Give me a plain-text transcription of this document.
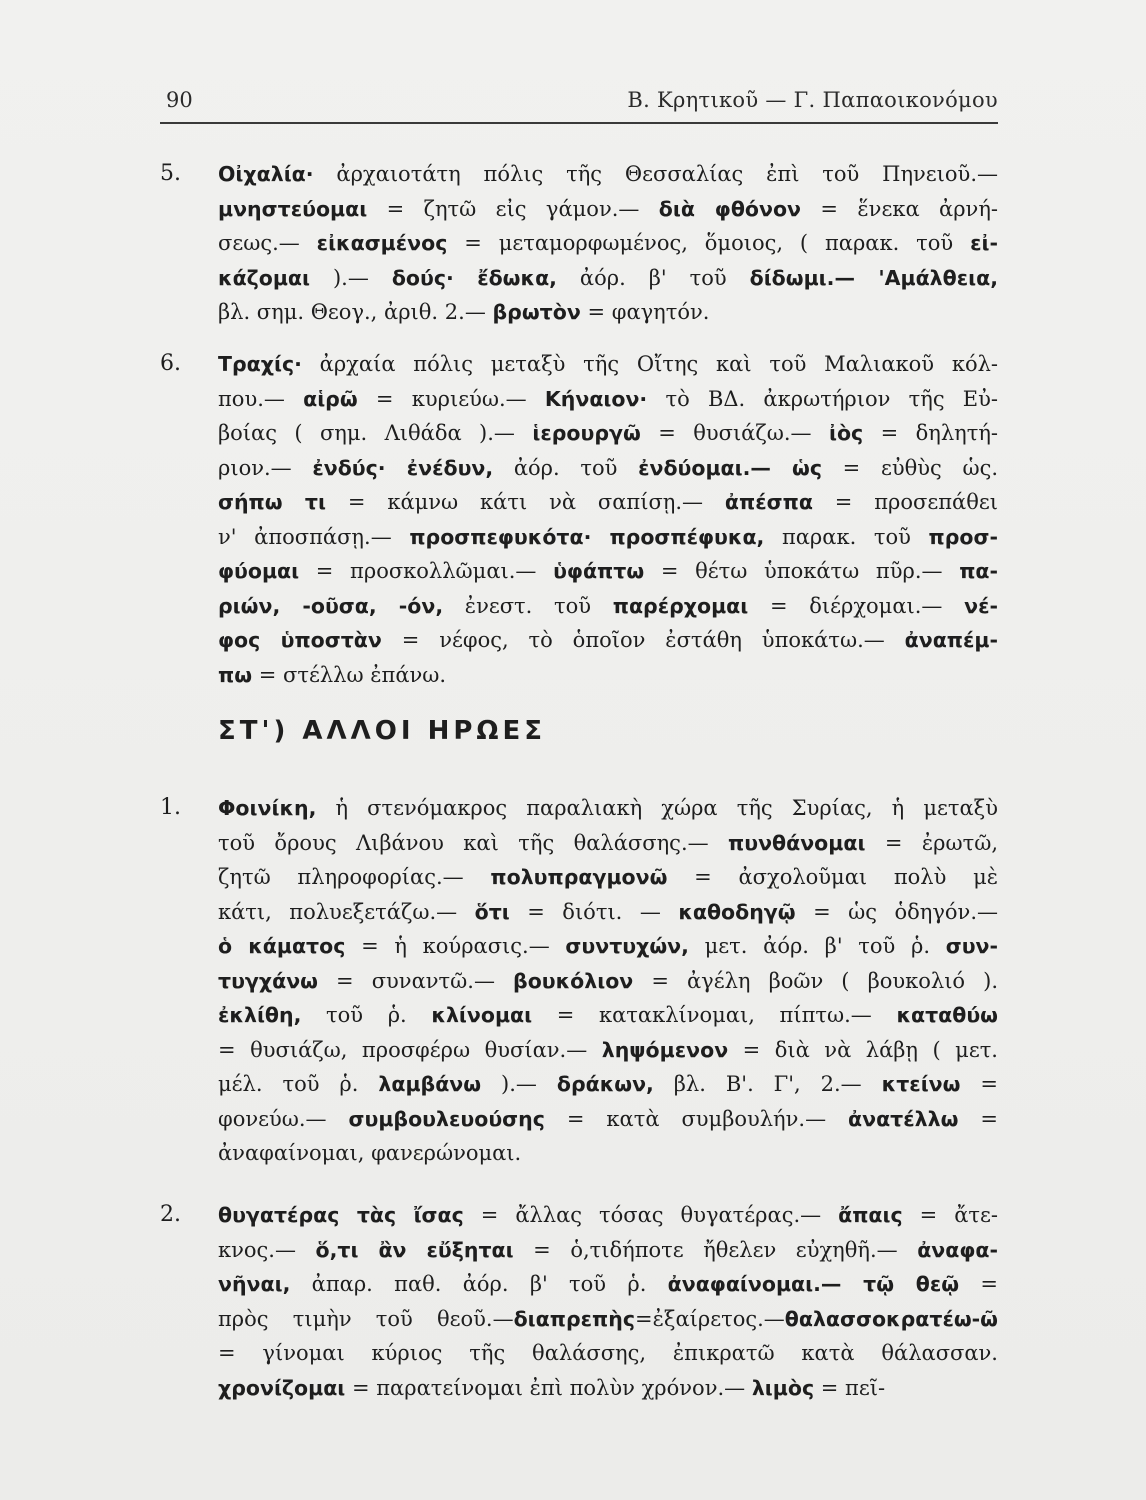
90	Β. Κρητικοῦ — Γ. Παπαοικονόμου
5. Οἰχαλία· ἀρχαιοτάτη πόλις τῆς Θεσσαλίας ἐπὶ τοῦ Πηνειοῦ.—
μνηστεύομαι = ζητῶ εἰς γάμον.— διὰ φθόνον = ἕνεκα ἀρνή-
σεως.— εἰκασμένος = μεταμορφωμένος, ὅμοιος, ( παρακ. τοῦ εἰ-
κάζομαι ).— δούς· ἔδωκα, ἀόρ. β' τοῦ δίδωμι.— 'Αμάλθεια,
βλ. σημ. Θεογ., ἀριθ. 2.— βρωτὸν = φαγητόν.
6. Τραχίς· ἀρχαία πόλις μεταξὺ τῆς Οἴτης καὶ τοῦ Μαλιακοῦ κόλ-
που.— αἱρῶ = κυριεύω.— Κήναιον· τὸ ΒΔ. ἀκρωτήριον τῆς Εὐ-
βοίας ( σημ. Λιθάδα ).— ἱερουργῶ = θυσιάζω.— ἰὸς = δηλητή-
ριον.— ἐνδύς· ἐνέδυν, ἀόρ. τοῦ ἐνδύομαι.— ὡς = εὐθὺς ὡς.
σήπω τι = κάμνω κάτι νὰ σαπίσῃ.— ἀπέσπα = προσεπάθει
ν' ἀποσπάσῃ.— προσπεφυκότα· προσπέφυκα, παρακ. τοῦ προσ-
φύομαι = προσκολλῶμαι.— ὑφάπτω = θέτω ὑποκάτω πῦρ.— πα-
ριών, -οῦσα, -όν, ἐνεστ. τοῦ παρέρχομαι = διέρχομαι.— νέ-
φος ὑποστὰν = νέφος, τὸ ὁποῖον ἐστάθη ὑποκάτω.— ἀναπέμ-
πω = στέλλω ἐπάνω.
ΣΤ') ΑΛΛΟΙ ΗΡΩΕΣ
1. Φοινίκη, ἡ στενόμακρος παραλιακὴ χώρα τῆς Συρίας, ἡ μεταξὺ
τοῦ ὄρους Λιβάνου καὶ τῆς θαλάσσης.— πυνθάνομαι = ἐρωτῶ,
ζητῶ πληροφορίας.— πολυπραγμονῶ = ἀσχολοῦμαι πολὺ μὲ
κάτι, πολυεξετάζω.— ὅτι = διότι. — καθοδηγῷ = ὡς ὁδηγόν.—
ὁ κάματος = ἡ κούρασις.— συντυχών, μετ. ἀόρ. β' τοῦ ῥ. συν-
τυγχάνω = συναντῶ.— βουκόλιον = ἀγέλη βοῶν ( βουκολιό ).
ἐκλίθη, τοῦ ῥ. κλίνομαι = κατακλίνομαι, πίπτω.— καταθύω
= θυσιάζω, προσφέρω θυσίαν.— ληψόμενον = διὰ νὰ λάβῃ ( μετ.
μέλ. τοῦ ῥ. λαμβάνω ).— δράκων, βλ. Β'. Γ', 2.— κτείνω =
φονεύω.— συμβουλευούσης = κατὰ συμβουλήν.— ἀνατέλλω =
ἀναφαίνομαι, φανερώνομαι.
2. θυγατέρας τὰς ἴσας = ἄλλας τόσας θυγατέρας.— ἄπαις = ἄτε-
κνος.— ὅ,τι ἂν εὔξηται = ὁ,τιδήποτε ἤθελεν εὐχηθῆ.— ἀναφα-
νῆναι, ἀπαρ. παθ. ἀόρ. β' τοῦ ῥ. ἀναφαίνομαι.— τῷ θεῷ =
πρὸς τιμὴν τοῦ θεοῦ.—διαπρεπὴς=ἐξαίρετος.—θαλασσοκρατέω-ῶ
= γίνομαι κύριος τῆς θαλάσσης, ἐπικρατῶ κατὰ θάλασσαν.
χρονίζομαι = παρατείνομαι ἐπὶ πολὺν χρόνον.— λιμὸς = πεῖ-
